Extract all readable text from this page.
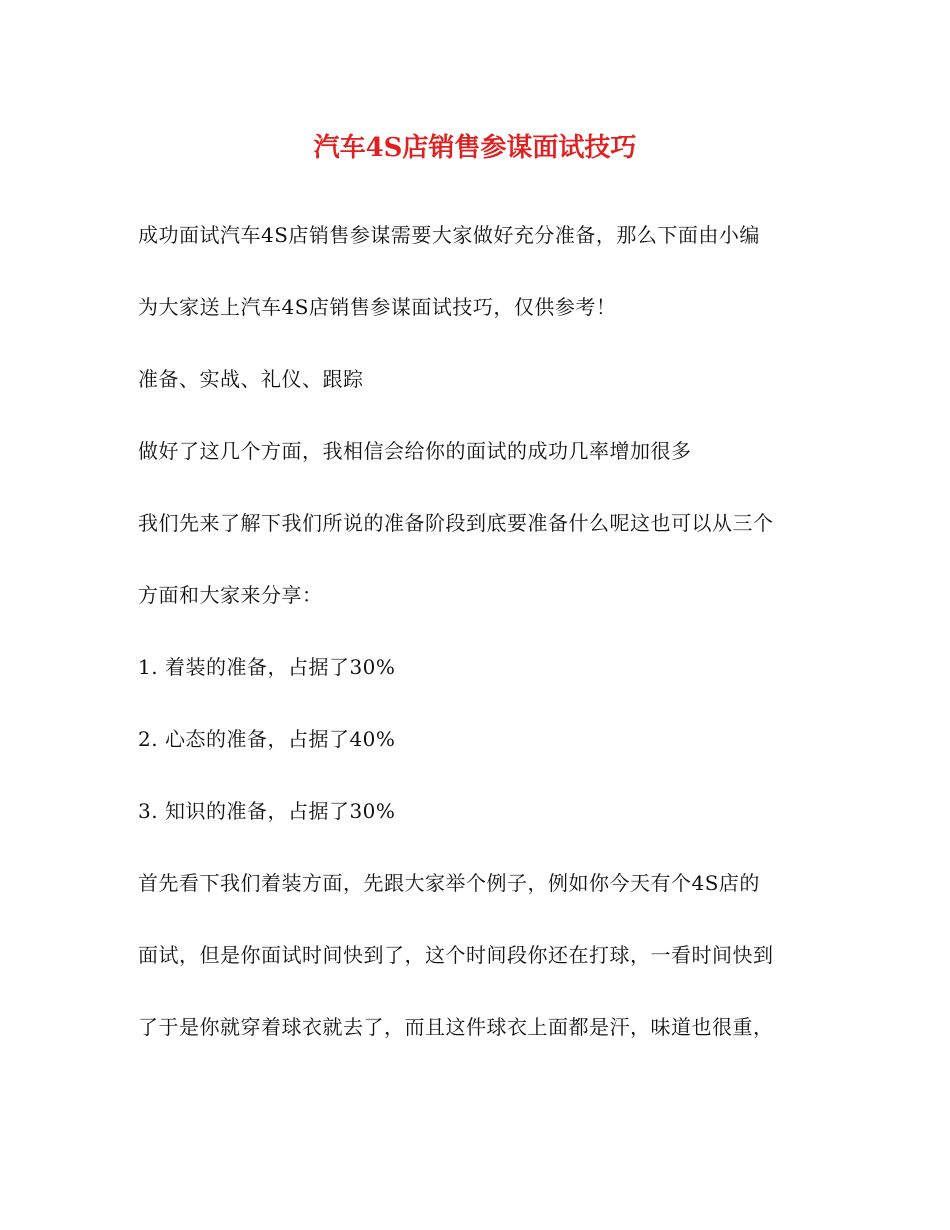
汽车4S店销售参谋面试技巧
成功面试汽车4S店销售参谋需要大家做好充分准备，那么下面由小编
为大家送上汽车4S店销售参谋面试技巧，仅供参考！
准备、实战、礼仪、跟踪
做好了这几个方面，我相信会给你的面试的成功几率增加很多
我们先来了解下我们所说的准备阶段到底要准备什么呢这也可以从三个
方面和大家来分享：
1. 着装的准备，占据了30%
2. 心态的准备，占据了40%
3. 知识的准备，占据了30%
首先看下我们着装方面，先跟大家举个例子，例如你今天有个4S店的
面试，但是你面试时间快到了，这个时间段你还在打球，一看时间快到
了于是你就穿着球衣就去了，而且这件球衣上面都是汗，味道也很重，
